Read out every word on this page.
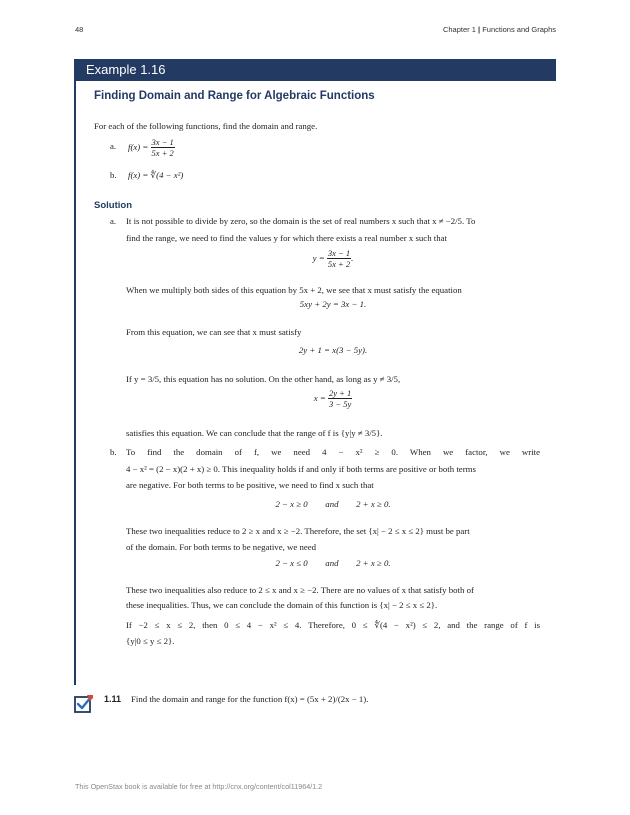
48	Chapter 1 | Functions and Graphs
Example 1.16
Finding Domain and Range for Algebraic Functions
For each of the following functions, find the domain and range.
a. $f(x) = \frac{3x - 1}{5x + 2}$
b. f(x) = ∜(4 − x²)
Solution
a. It is not possible to divide by zero, so the domain is the set of real numbers x such that x ≠ −2/5. To
find the range, we need to find the values y for which there exists a real number x such that
$y = \frac{3x - 1}{5x + 2}$ .
When we multiply both sides of this equation by 5x + 2, we see that x must satisfy the equation
5xy + 2y = 3x − 1.
From this equation, we can see that x must satisfy
2y + 1 = x(3 − 5y).
If y = 3/5, this equation has no solution. On the other hand, as long as y ≠ 3/5,
$x = \frac{2y + 1}{3 - 5y}$
satisfies this equation. We can conclude that the range of f is {y|y ≠ 3/5}.
b. To find the domain of f, we need 4 − x² ≥ 0. When we factor, we write
4 − x² = (2 − x)(2 + x) ≥ 0. This inequality holds if and only if both terms are positive or both terms
are negative. For both terms to be positive, we need to find x such that
2 − x ≥ 0        and        2 + x ≥ 0.
These two inequalities reduce to 2 ≥ x and x ≥ −2. Therefore, the set {x| − 2 ≤ x ≤ 2} must be part
of the domain. For both terms to be negative, we need
2 − x ≤ 0        and        2 + x ≥ 0.
These two inequalities also reduce to 2 ≤ x and x ≥ −2. There are no values of x that satisfy both of
these inequalities. Thus, we can conclude the domain of this function is {x| − 2 ≤ x ≤ 2}.
If −2 ≤ x ≤ 2, then 0 ≤ 4 − x² ≤ 4. Therefore, 0 ≤ ∜(4 − x²) ≤ 2, and the range of f is
{y|0 ≤ y ≤ 2}.
1.11 Find the domain and range for the function f(x) = (5x + 2)/(2x − 1).
This OpenStax book is available for free at http://cnx.org/content/col11964/1.2
